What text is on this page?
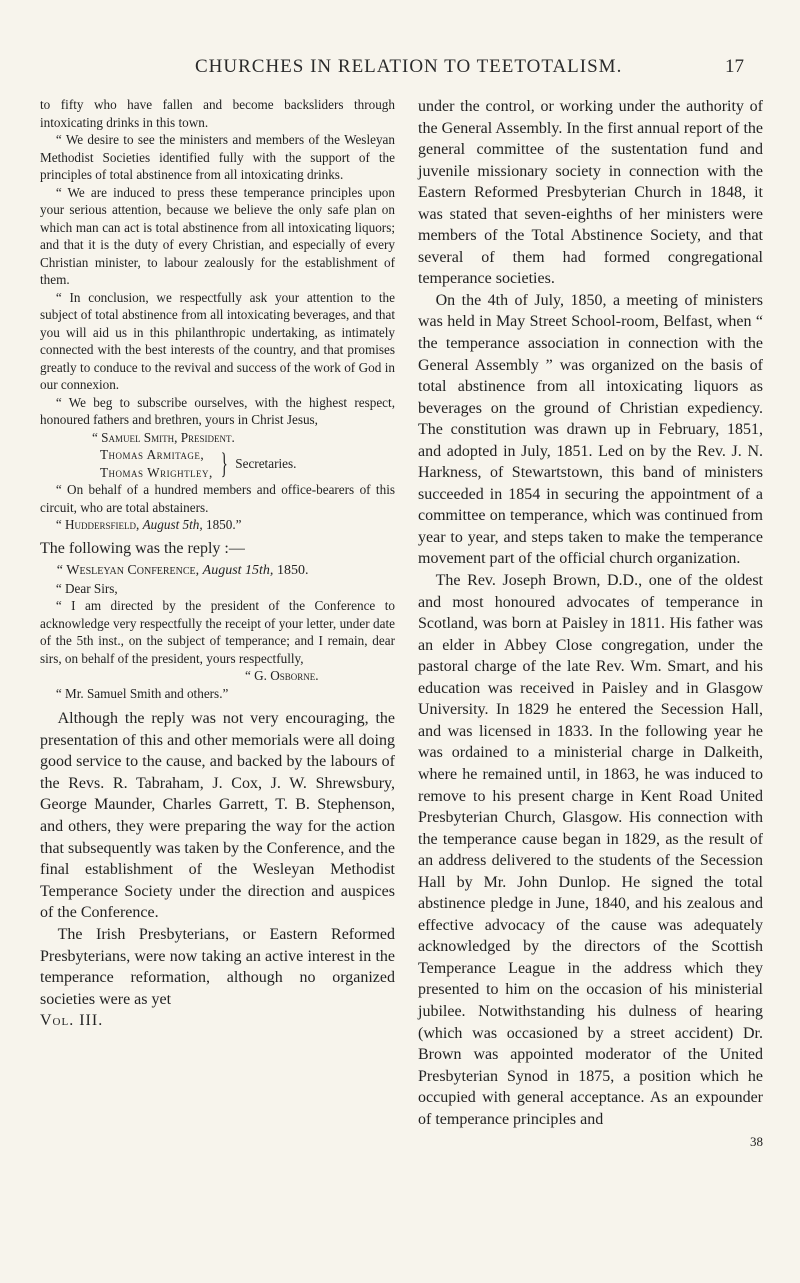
CHURCHES IN RELATION TO TEETOTALISM.	17

to fifty who have fallen and become backsliders through intoxicating drinks in this town.

“ We desire to see the ministers and members of the Wesleyan Methodist Societies identified fully with the support of the principles of total abstinence from all intoxicating drinks.

“ We are induced to press these temperance principles upon your serious attention, because we believe the only safe plan on which man can act is total abstinence from all intoxicating liquors; and that it is the duty of every Christian, and especially of every Christian minister, to labour zealously for the establishment of them.

“ In conclusion, we respectfully ask your attention to the subject of total abstinence from all intoxicating beverages, and that you will aid us in this philanthropic undertaking, as intimately connected with the best interests of the country, and that promises greatly to conduce to the revival and success of the work of God in our connexion.

“ We beg to subscribe ourselves, with the highest respect, honoured fathers and brethren, yours in Christ Jesus,

“ Samuel Smith, President.

Thomas Armitage,
Thomas Wrightley, } Secretaries.

“ On behalf of a hundred members and office-bearers of this circuit, who are total abstainers.

“ Huddersfield, August 5th, 1850.”

The following was the reply :—

“ Wesleyan Conference, August 15th, 1850.

“ Dear Sirs,

“ I am directed by the president of the Conference to acknowledge very respectfully the receipt of your letter, under date of the 5th inst., on the subject of temperance; and I remain, dear sirs, on behalf of the president, yours respectfully,

“ G. Osborne.

“ Mr. Samuel Smith and others.”

Although the reply was not very encouraging, the presentation of this and other memorials were all doing good service to the cause, and backed by the labours of the Revs. R. Tabraham, J. Cox, J. W. Shrewsbury, George Maunder, Charles Garrett, T. B. Stephenson, and others, they were preparing the way for the action that subsequently was taken by the Conference, and the final establishment of the Wesleyan Methodist Temperance Society under the direction and auspices of the Conference.

The Irish Presbyterians, or Eastern Reformed Presbyterians, were now taking an active interest in the temperance reformation, although no organized societies were as yet

Vol. III.

under the control, or working under the authority of the General Assembly. In the first annual report of the general committee of the sustentation fund and juvenile missionary society in connection with the Eastern Reformed Presbyterian Church in 1848, it was stated that seven-eighths of her ministers were members of the Total Abstinence Society, and that several of them had formed congregational temperance societies.

On the 4th of July, 1850, a meeting of ministers was held in May Street School-room, Belfast, when “ the temperance association in connection with the General Assembly ” was organized on the basis of total abstinence from all intoxicating liquors as beverages on the ground of Christian expediency. The constitution was drawn up in February, 1851, and adopted in July, 1851. Led on by the Rev. J. N. Harkness, of Stewartstown, this band of ministers succeeded in 1854 in securing the appointment of a committee on temperance, which was continued from year to year, and steps taken to make the temperance movement part of the official church organization.

The Rev. Joseph Brown, D.D., one of the oldest and most honoured advocates of temperance in Scotland, was born at Paisley in 1811. His father was an elder in Abbey Close congregation, under the pastoral charge of the late Rev. Wm. Smart, and his education was received in Paisley and in Glasgow University. In 1829 he entered the Secession Hall, and was licensed in 1833. In the following year he was ordained to a ministerial charge in Dalkeith, where he remained until, in 1863, he was induced to remove to his present charge in Kent Road United Presbyterian Church, Glasgow. His connection with the temperance cause began in 1829, as the result of an address delivered to the students of the Secession Hall by Mr. John Dunlop. He signed the total abstinence pledge in June, 1840, and his zealous and effective advocacy of the cause was adequately acknowledged by the directors of the Scottish Temperance League in the address which they presented to him on the occasion of his ministerial jubilee. Notwithstanding his dulness of hearing (which was occasioned by a street accident) Dr. Brown was appointed moderator of the United Presbyterian Synod in 1875, a position which he occupied with general acceptance. As an expounder of temperance principles and

38
